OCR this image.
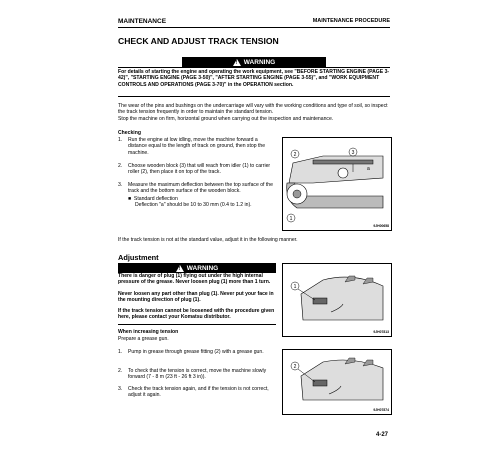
MAINTENANCE	MAINTENANCE PROCEDURE
CHECK AND ADJUST TRACK TENSION
!
WARNING
For details of starting the engine and operating the work equipment, see "BEFORE STARTING ENGINE (PAGE 3-42)", "STARTING ENGINE (PAGE 3-50)", "AFTER STARTING ENGINE (PAGE 3-55)", and "WORK EQUIPMENT CONTROLS AND OPERATIONS (PAGE 3-70)" in the OPERATION section.
The wear of the pins and bushings on the undercarriage will vary with the working conditions and type of soil, so inspect the track tension frequently in order to maintain the standard tension.
Stop the machine on firm, horizontal ground when carrying out the inspection and maintenance.
Checking
1.	Run the engine at low idling, move the machine forward a distance equal to the length of track on ground, then stop the machine.
2.	Choose wooden block (3) that will reach from idler (1) to carrier roller (2), then place it on top of the track.
3.	Measure the maximum deflection between the top surface of the track and the bottom surface of the wooden block.
■  Standard deflection
Deflection "a" should be 10 to 30 mm (0.4 to 1.2 in).
2	3
1
a
9JH00658
If the track tension is not at the standard value, adjust it in the following manner.
Adjustment
!
WARNING
There is danger of plug (1) flying out under the high internal pressure of the grease. Never loosen plug (1) more than 1 turn.
Never loosen any part other than plug (1). Never put your face in the mounting direction of plug (1).
If the track tension cannot be loosened with the procedure given here, please contact your Komatsu distributor.
1
9JH07813
When increasing tension
Prepare a grease gun.
1.	Pump in grease through grease fitting (2) with a grease gun.
2.	To check that the tension is correct, move the machine slowly forward (7 - 8 m (23 ft - 26 ft 3 in)).
3.	Check the track tension again, and if the tension is not correct, adjust it again.
2
9JH07874
4-27
